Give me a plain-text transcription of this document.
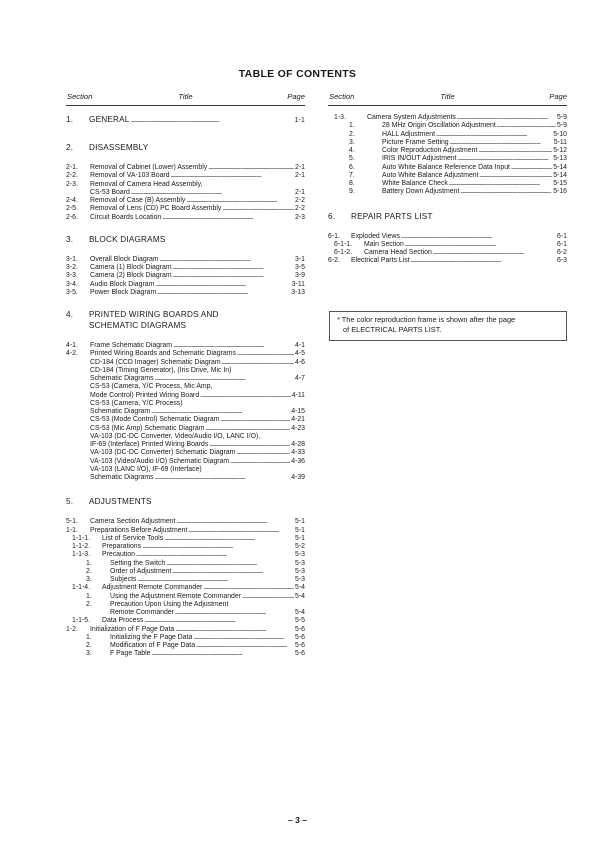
TABLE OF CONTENTS
Section	Title	Page
1.	GENERAL . . . . . . . . . . . . . . . . . . . . . . . . . . . . . . . . . . . . . . . . . . . . . . . . . . . . . . . . . . . . . . . . . . . . . . . . . . . . . . . . . . . . . .	1-1
2.	DISASSEMBLY
2-1.	Removal of Cabinet (Lower) Assembly . . .	2-1
2-2.	Removal of VA-103 Board . . .	2-1
2-3.	Removal of Camera Head Assembly,
CS-53 Board . . .	2-1
2-4.	Removal of Case (B) Assembly . . .	2-2
2-5.	Removal of Lens (CD) PC Board Assembly . . .	2-2
2-6.	Circuit Boards Location . . .	2-3
3.	BLOCK DIAGRAMS
3-1.	Overall Block Diagram . . .	3-1
3-2.	Camera (1) Block Diagram . . .	3-5
3-3.	Camera (2) Block Diagram . . .	3-9
3-4.	Audio Block Diagram . . .	3-11
3-5.	Power Block Diagram . . .	3-13
4.	PRINTED WIRING BOARDS AND
SCHEMATIC DIAGRAMS
4-1.	Frame Schematic Diagram . . .	4-1
4-2.	Printed Wiring Boards and Schematic Diagrams . . .	4-5
CD-184 (CCD Imager) Schematic Diagram . . .	4-6
CD-184 (Timing Generator), (Iris Drive, Mic In)
Schematic Diagrams . . .	4-7
CS-53 (Camera, Y/C Process, Mic Amp,
Mode Control) Printed Wiring Board . . .	4-11
CS-53 (Camera, Y/C Process)
Schematic Diagram . . .	4-15
CS-53 (Mode Control) Schematic Diagram . . .	4-21
CS-53 (Mic Amp) Schematic Diagram . . .	4-23
VA-103 (DC-DC Converter, Video/Audio I/O, LANC I/O),
IF-69 (Interface) Printed Wiring Boards . . .	4-28
VA-103 (DC-DC Converter) Schematic Diagram . . .	4-33
VA-103 (Video/Audio I/O) Schematic Diagram . . .	4-36
VA-103 (LANC I/O), IF-69 (Interface)
Schematic Diagrams . . .	4-39
5.	ADJUSTMENTS
5-1.	Camera Section Adjustment . . .	5-1
1-1.	Preparations Before Adjustment . . .	5-1
1-1-1.	List of Service Tools . . .	5-1
1-1-2.	Preparations . . .	5-2
1-1-3.	Precaution . . .	5-3
1.	Setting the Switch . . .	5-3
2.	Order of Adjustment . . .	5-3
3.	Subjects . . .	5-3
1-1-4.	Adjustment Remote Commander . . .	5-4
1.	Using the Adjustment Remote Commander . . .	5-4
2.	Precaution Upon Using the Adjustment
Remote Commander . . .	5-4
1-1-5.	Data Process . . .	5-5
1-2.	Initialization of F Page Data . . .	5-6
1.	Initializing the F Page Data . . .	5-6
2.	Modification of F Page Data . . .	5-6
3.	F Page Table . . .	5-6
Section	Title	Page
1-3.	Camera System Adjustments . . .	5-9
1.	28 MHz Origin Oscillation Adjustment . . .	5-9
2.	HALL Adjustment . . .	5-10
3.	Picture Frame Setting . . .	5-11
4.	Color Reproduction Adjustment . . .	5-12
5.	IRIS IN/OUT Adjustment . . .	5-13
6.	Auto White Balance Reference Data Input . . .	5-14
7.	Auto White Balance Adjustment . . .	5-14
8.	White Balance Check . . .	5-15
9.	Battery Down Adjustment . . .	5-16
6.	REPAIR PARTS LIST
6-1.	Exploded Views . . .	6-1
6-1-1.	Main Section . . .	6-1
6-1-2.	Camera Head Section . . .	6-2
6-2.	Electrical Parts List . . .	6-3
* The color reproduction frame is shown after the page
of ELECTRICAL PARTS LIST.
– 3 –
